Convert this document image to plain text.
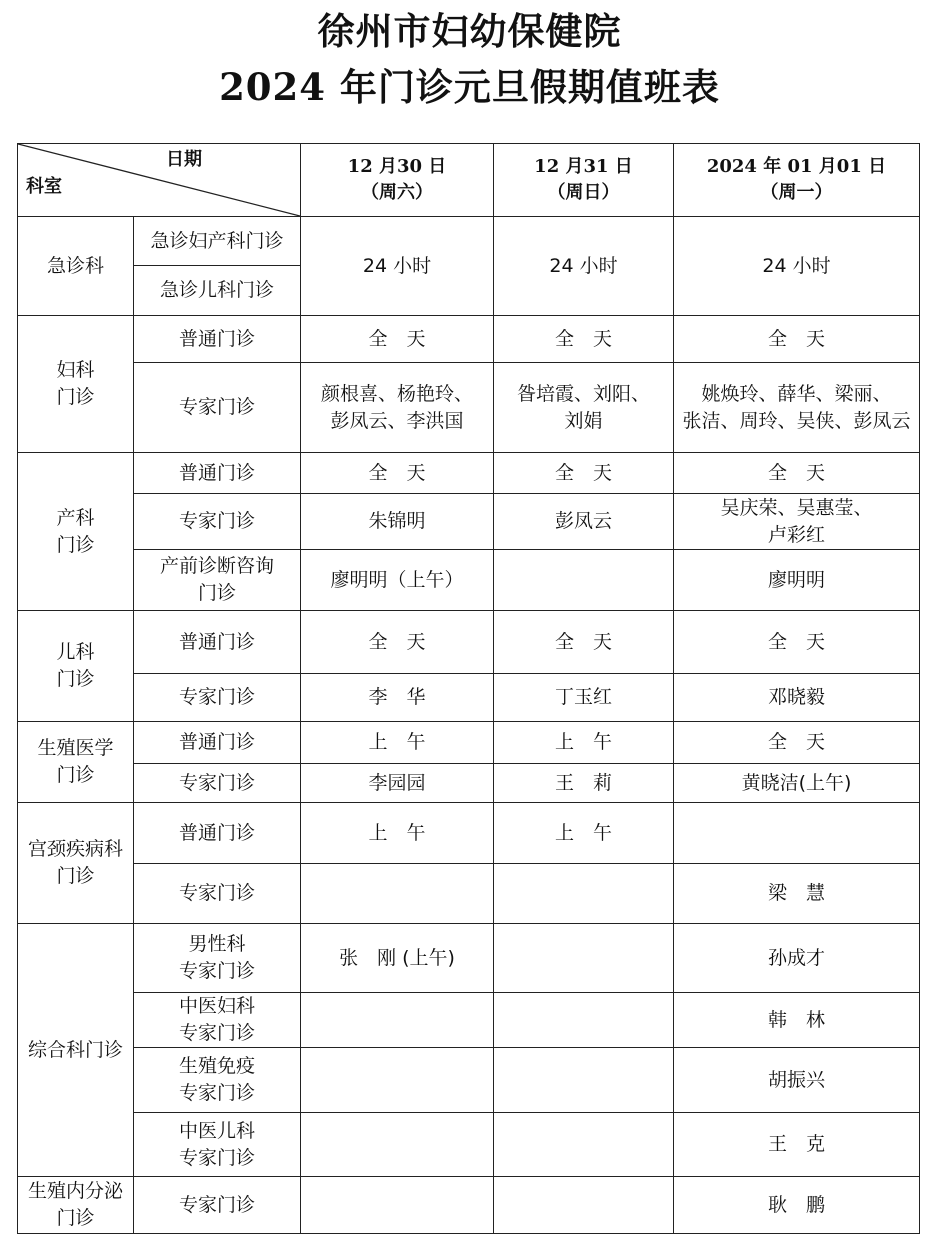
徐州市妇幼保健院
2024 年门诊元旦假期值班表
日期
科室		12 月30 日
（周六）	12 月31 日
（周日）	2024 年 01 月01 日
（周一）

急诊科	急诊妇产科门诊	24 小时	24 小时	24 小时
	急诊儿科门诊			

妇科
门诊	普通门诊	全　天	全　天	全　天
	专家门诊	颜根喜、杨艳玲、
彭凤云、李洪国	昝培霞、刘阳、
刘娟	姚焕玲、薛华、梁丽、
张洁、周玲、吴侠、彭凤云

产科
门诊	普通门诊	全　天	全　天	全　天
	专家门诊	朱锦明	彭凤云	吴庆荣、吴惠莹、
卢彩红

	产前诊断咨询
门诊	廖明明（上午）		廖明明

儿科
门诊	普通门诊	全　天	全　天	全　天
	专家门诊	李　华	丁玉红	邓晓毅

生殖医学
门诊	普通门诊	上　午	上　午	全　天
	专家门诊	李园园	王　莉	黄晓洁(上午)

宫颈疾病科
门诊	普通门诊	上　午	上　午	
	专家门诊			梁　慧
综合科门诊	男性科
专家门诊	张　刚 (上午)		孙成才

	中医妇科
专家门诊			韩　林

	生殖免疫
专家门诊			胡振兴

	中医儿科
专家门诊			王　克

生殖内分泌
门诊	专家门诊			耿　鹏
